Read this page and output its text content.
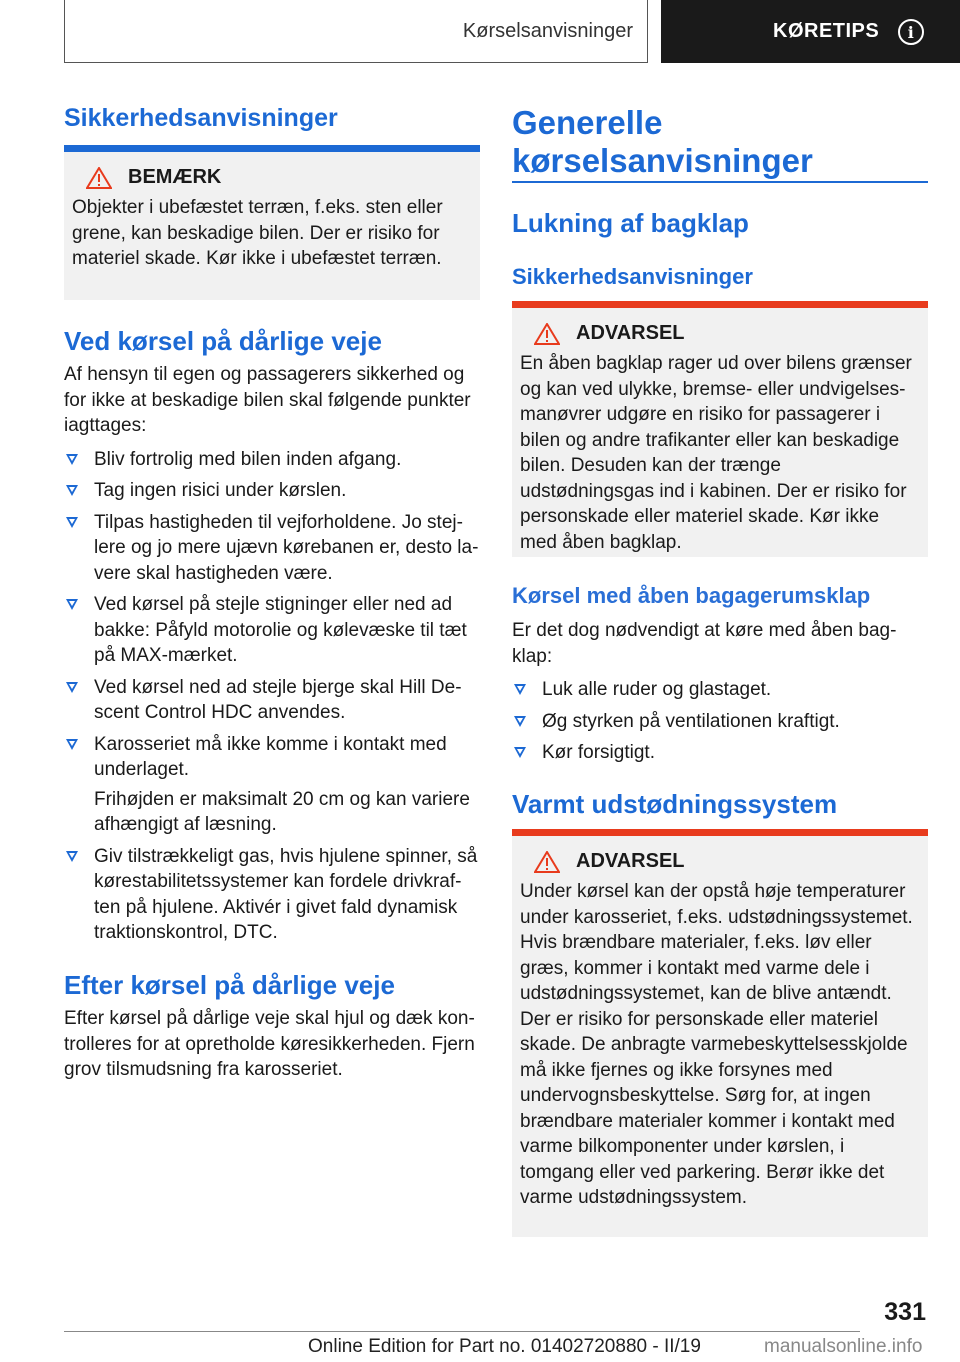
Kørselsanvisninger	KØRETIPS	i
Sikkerhedsanvisninger
BEMÆRK

Objekter i ubefæstet terræn, f.eks. sten eller grene, kan beskadige bilen. Der er risiko for materiel skade. Kør ikke i ubefæstet terræn.

Ved kørsel på dårlige veje

Af hensyn til egen og passagerers sikkerhed og for ikke at beskadige bilen skal følgende punkter iagttages:

Bliv fortrolig med bilen inden afgang.
Tag ingen risici under kørslen.
Tilpas hastigheden til vejforholdene. Jo stejlere og jo mere ujævn kørebanen er, desto lavere skal hastigheden være.
Ved kørsel på stejle stigninger eller ned ad bakke: Påfyld motorolie og kølevæske til tæt på MAX-mærket.
Ved kørsel ned ad stejle bjerge skal Hill Descent Control HDC anvendes.
Karosseriet må ikke komme i kontakt med underlaget.

Frihøjden er maksimalt 20 cm og kan variere afhængigt af læsning.

Giv tilstrækkeligt gas, hvis hjulene spinner, så kørestabilitetssystemer kan fordele drivkraften på hjulene. Aktivér i givet fald dynamisk traktionskontrol, DTC.
Efter kørsel på dårlige veje

Efter kørsel på dårlige veje skal hjul og dæk kontrolleres for at opretholde køresikkerheden. Fjern grov tilsmudsning fra karosseriet.

Generelle kørselsanvisninger
Lukning af bagklap
Sikkerhedsanvisninger
ADVARSEL

En åben bagklap rager ud over bilens grænser og kan ved ulykke, bremse- eller undvigelsesmanøvrer udgøre en risiko for passagerer i bilen og andre trafikanter eller kan beskadige bilen. Desuden kan der trænge udstødningsgas ind i kabinen. Der er risiko for personskade eller materiel skade. Kør ikke med åben bagklap.

Kørsel med åben bagagerumsklap

Er det dog nødvendigt at køre med åben bagklap:

Luk alle ruder og glastaget.
Øg styrken på ventilationen kraftigt.
Kør forsigtigt.
Varmt udstødningssystem
ADVARSEL

Under kørsel kan der opstå høje temperaturer under karosseriet, f.eks. udstødningssystemet. Hvis brændbare materialer, f.eks. løv eller græs, kommer i kontakt med varme dele i udstødningssystemet, kan de blive antændt. Der er risiko for personskade eller materiel skade. De anbragte varmebeskyttelsesskjolde må ikke fjernes og ikke forsynes med undervognsbeskyttelse. Sørg for, at ingen brændbare materialer kommer i kontakt med varme bilkomponenter under kørslen, i tomgang eller ved parkering. Berør ikke det varme udstødningssystem.

331
Online Edition for Part no. 01402720880 - II/19	manualsonline.info
